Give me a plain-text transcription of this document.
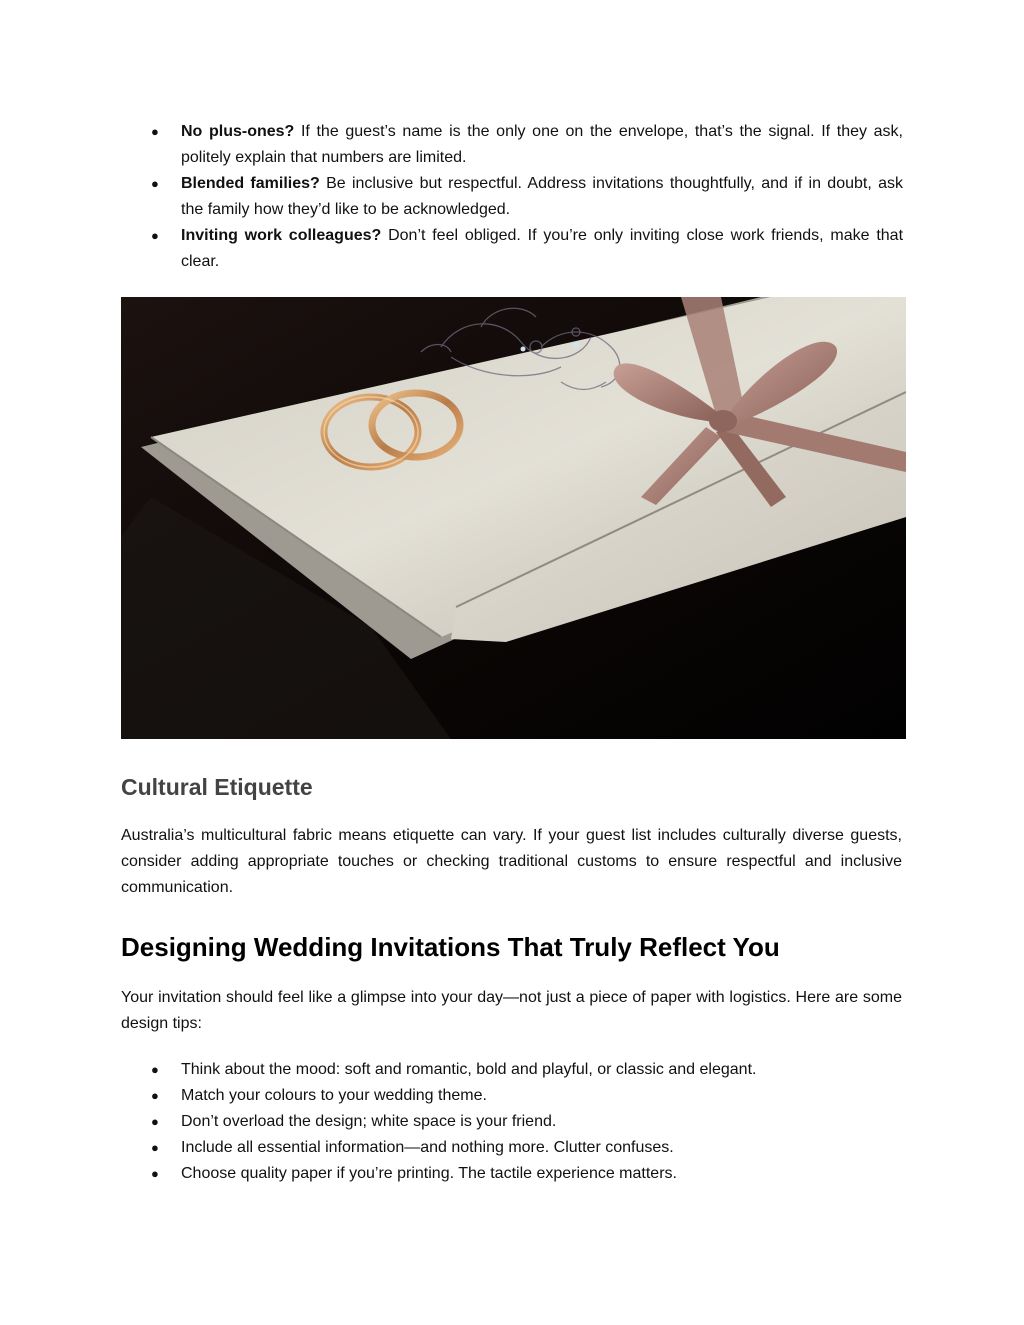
● No plus-ones? If the guest’s name is the only one on the envelope, that’s the signal. If they ask, politely explain that numbers are limited.
● Blended families? Be inclusive but respectful. Address invitations thoughtfully, and if in doubt, ask the family how they’d like to be acknowledged.
● Inviting work colleagues? Don’t feel obliged. If you’re only inviting close work friends, make that clear.
Cultural Etiquette

Australia’s multicultural fabric means etiquette can vary. If your guest list includes culturally diverse guests, consider adding appropriate touches or checking traditional customs to ensure respectful and inclusive communication.

Designing Wedding Invitations That Truly Reflect You

Your invitation should feel like a glimpse into your day—not just a piece of paper with logistics. Here are some design tips:

● Think about the mood: soft and romantic, bold and playful, or classic and elegant.
● Match your colours to your wedding theme.
● Don’t overload the design; white space is your friend.
● Include all essential information—and nothing more. Clutter confuses.
● Choose quality paper if you’re printing. The tactile experience matters.
